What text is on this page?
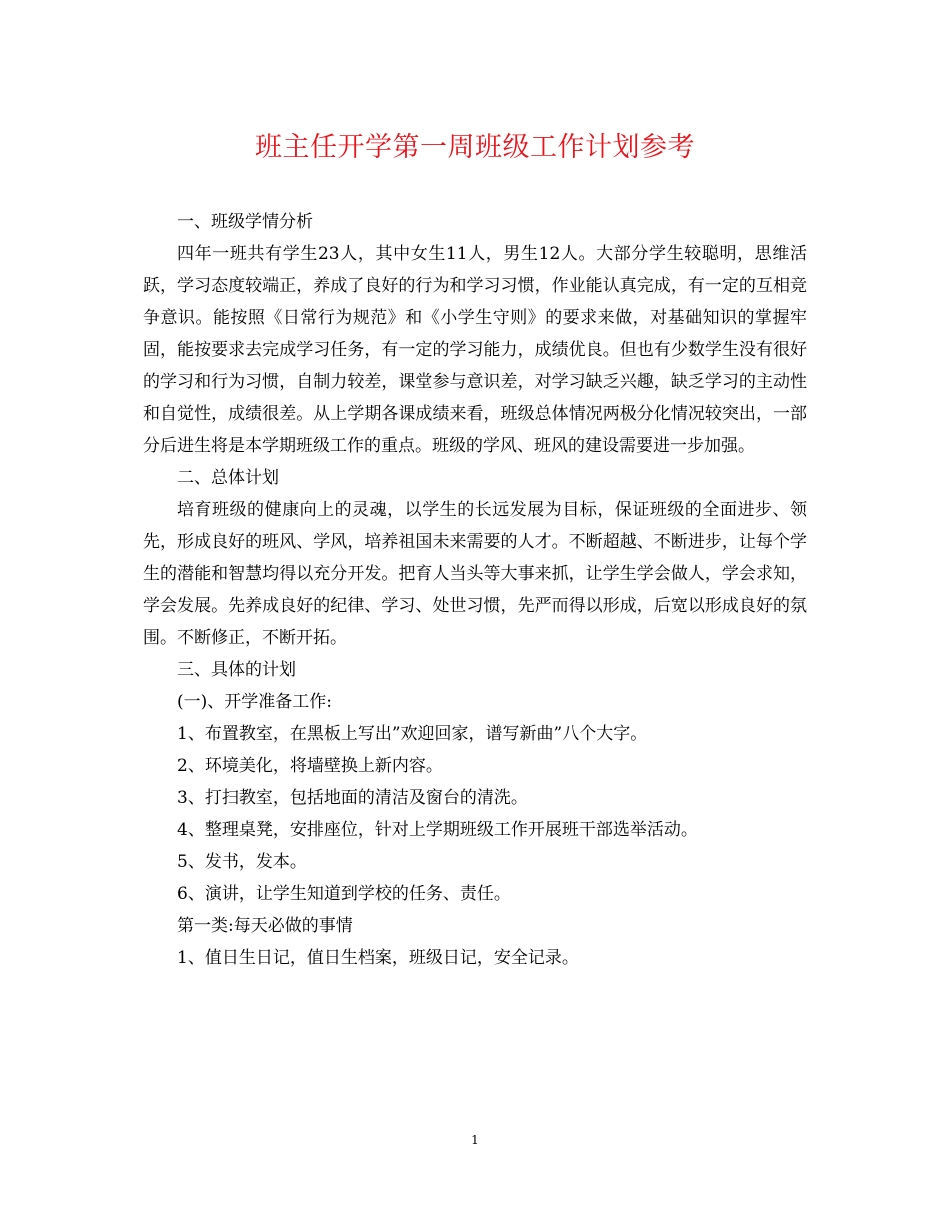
班主任开学第一周班级工作计划参考

一、班级学情分析

四年一班共有学生23人，其中女生11人，男生12人。大部分学生较聪明，思维活跃，学习态度较端正，养成了良好的行为和学习习惯，作业能认真完成，有一定的互相竞争意识。能按照《日常行为规范》和《小学生守则》的要求来做，对基础知识的掌握牢固，能按要求去完成学习任务，有一定的学习能力，成绩优良。但也有少数学生没有很好的学习和行为习惯，自制力较差，课堂参与意识差，对学习缺乏兴趣，缺乏学习的主动性和自觉性，成绩很差。从上学期各课成绩来看，班级总体情况两极分化情况较突出，一部分后进生将是本学期班级工作的重点。班级的学风、班风的建设需要进一步加强。

二、总体计划

培育班级的健康向上的灵魂，以学生的长远发展为目标，保证班级的全面进步、领先，形成良好的班风、学风，培养祖国未来需要的人才。不断超越、不断进步，让每个学生的潜能和智慧均得以充分开发。把育人当头等大事来抓，让学生学会做人，学会求知，学会发展。先养成良好的纪律、学习、处世习惯，先严而得以形成，后宽以形成良好的氛围。不断修正，不断开拓。

三、具体的计划

(一)、开学准备工作:

1、布置教室，在黑板上写出”欢迎回家，谱写新曲”八个大字。

2、环境美化，将墙壁换上新内容。

3、打扫教室，包括地面的清洁及窗台的清洗。

4、整理桌凳，安排座位，针对上学期班级工作开展班干部选举活动。

5、发书，发本。

6、演讲，让学生知道到学校的任务、责任。

第一类:每天必做的事情

1、值日生日记，值日生档案，班级日记，安全记录。

1
